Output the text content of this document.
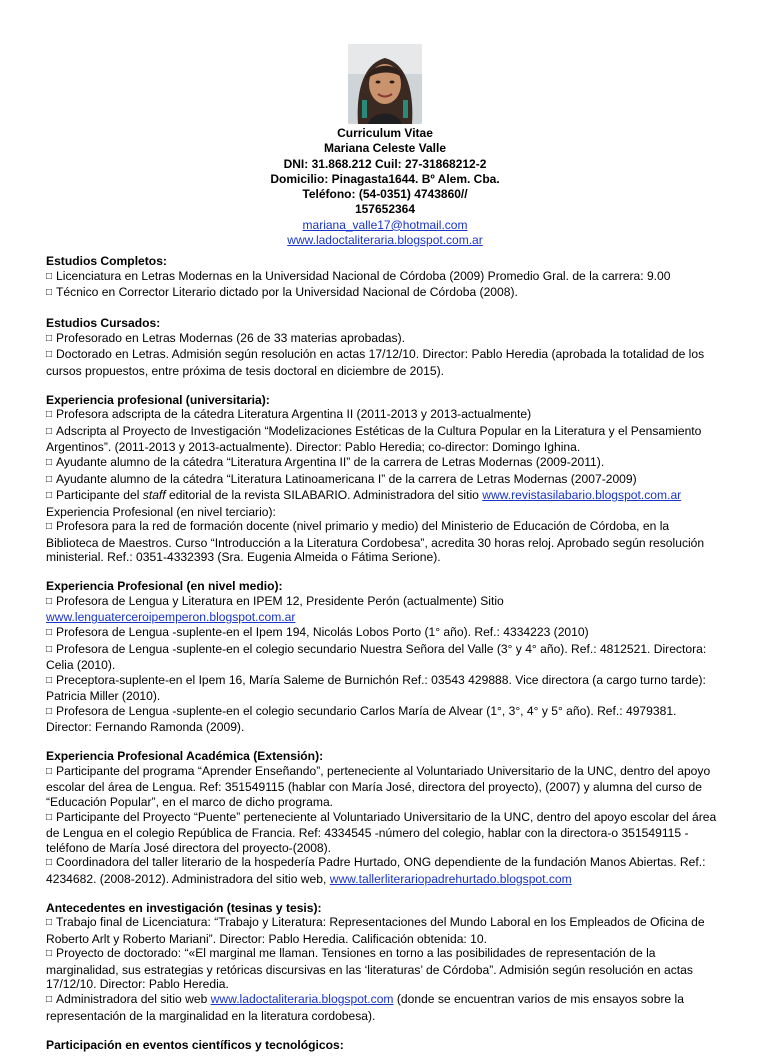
Curriculum Vitae
Mariana Celeste Valle
DNI: 31.868.212 Cuil: 27-31868212-2
Domicilio: Pinagasta1644. Bº Alem. Cba.
Teléfono: (54-0351) 4743860//
157652364
mariana_valle17@hotmail.com
www.ladoctaliteraria.blogspot.com.ar
Estudios Completos:
□ Licenciatura en Letras Modernas en la Universidad Nacional de Córdoba (2009) Promedio Gral. de la carrera: 9.00
□ Técnico en Corrector Literario dictado por la Universidad Nacional de Córdoba (2008).
Estudios Cursados:
□ Profesorado en Letras Modernas (26 de 33 materias aprobadas).
□ Doctorado en Letras. Admisión según resolución en actas 17/12/10. Director: Pablo Heredia (aprobada la totalidad de los cursos propuestos, entre próxima de tesis doctoral en diciembre de 2015).
Experiencia profesional (universitaria):
□ Profesora adscripta de la cátedra Literatura Argentina II (2011-2013 y 2013-actualmente)
□ Adscripta al Proyecto de Investigación “Modelizaciones Estéticas de la Cultura Popular en la Literatura y el Pensamiento Argentinos”. (2011-2013 y 2013-actualmente). Director: Pablo Heredia; co-director: Domingo Ighina.
□ Ayudante alumno de la cátedra “Literatura Argentina II” de la carrera de Letras Modernas (2009-2011).
□ Ayudante alumno de la cátedra “Literatura Latinoamericana I” de la carrera de Letras Modernas (2007-2009)
□ Participante del staff editorial de la revista SILABARIO. Administradora del sitio www.revistasilabario.blogspot.com.ar
Experiencia Profesional (en nivel terciario):
□ Profesora para la red de formación docente (nivel primario y medio) del Ministerio de Educación de Córdoba, en la Biblioteca de Maestros. Curso “Introducción a la Literatura Cordobesa”, acredita 30 horas reloj. Aprobado según resolución ministerial. Ref.: 0351-4332393 (Sra. Eugenia Almeida o Fátima Serione).
Experiencia Profesional (en nivel medio):
□ Profesora de Lengua y Literatura en IPEM 12, Presidente Perón (actualmente) Sitio
www.lenguaterceroipemperon.blogspot.com.ar
□ Profesora de Lengua -suplente-en el Ipem 194, Nicolás Lobos Porto (1° año). Ref.: 4334223 (2010)
□ Profesora de Lengua -suplente-en el colegio secundario Nuestra Señora del Valle (3° y 4° año). Ref.: 4812521. Directora: Celia (2010).
□ Preceptora-suplente-en el Ipem 16, María Saleme de Burnichón Ref.: 03543 429888. Vice directora (a cargo turno tarde): Patricia Miller (2010).
□ Profesora de Lengua -suplente-en el colegio secundario Carlos María de Alvear (1°, 3°, 4° y 5° año). Ref.: 4979381. Director: Fernando Ramonda (2009).
Experiencia Profesional Académica (Extensión):
□ Participante del programa “Aprender Enseñando”, perteneciente al Voluntariado Universitario de la UNC, dentro del apoyo escolar del área de Lengua. Ref: 351549115 (hablar con María José, directora del proyecto), (2007) y alumna del curso de “Educación Popular”, en el marco de dicho programa.
□ Participante del Proyecto “Puente” perteneciente al Voluntariado Universitario de la UNC, dentro del apoyo escolar del área de Lengua en el colegio República de Francia. Ref: 4334545 -número del colegio, hablar con la directora-o 351549115 -teléfono de María José directora del proyecto-(2008).
□ Coordinadora del taller literario de la hospedería Padre Hurtado, ONG dependiente de la fundación Manos Abiertas. Ref.: 4234682. (2008-2012). Administradora del sitio web, www.tallerliterariopadrehurtado.blogspot.com
Antecedentes en investigación (tesinas y tesis):
□ Trabajo final de Licenciatura: “Trabajo y Literatura: Representaciones del Mundo Laboral en los Empleados de Oficina de Roberto Arlt y Roberto Mariani”. Director: Pablo Heredia. Calificación obtenida: 10.
□ Proyecto de doctorado: “«El marginal me llaman. Tensiones en torno a las posibilidades de representación de la marginalidad, sus estrategias y retóricas discursivas en las ‘literaturas’ de Córdoba”. Admisión según resolución en actas 17/12/10. Director: Pablo Heredia.
□ Administradora del sitio web www.ladoctaliteraria.blogspot.com (donde se encuentran varios de mis ensayos sobre la representación de la marginalidad en la literatura cordobesa).
Participación en eventos científicos y tecnológicos:
